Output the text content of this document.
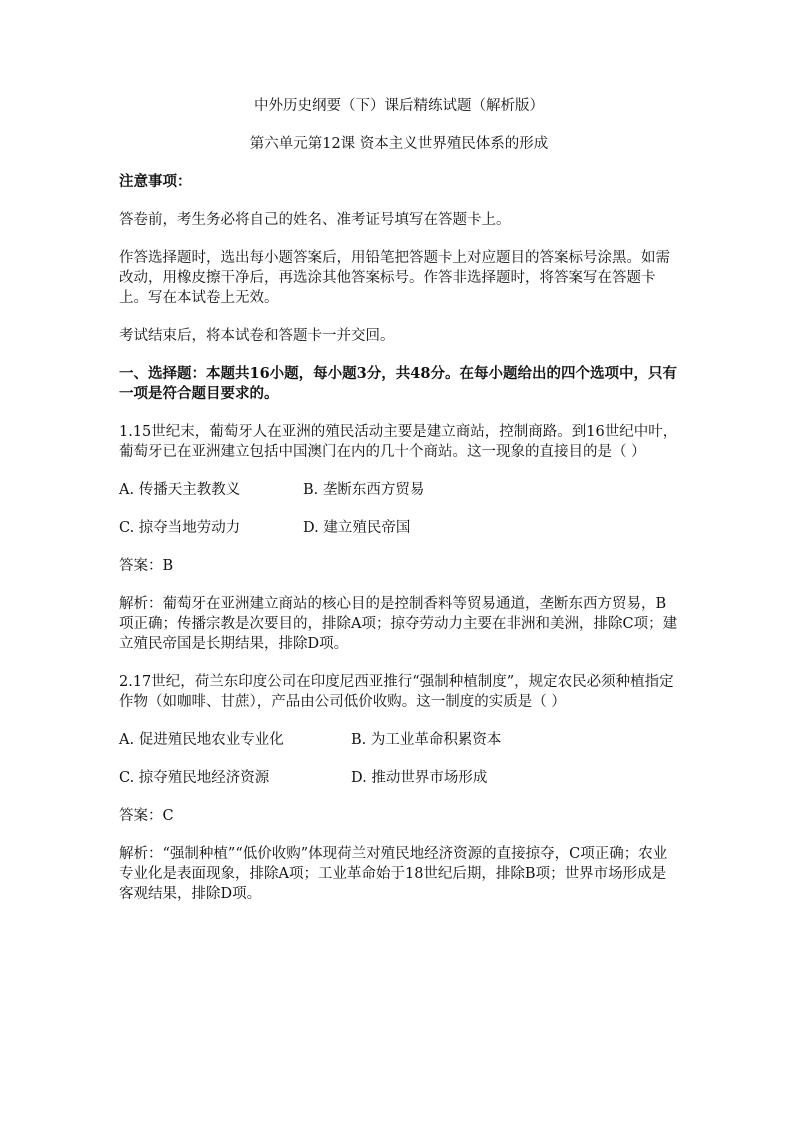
中外历史纲要（下）课后精练试题（解析版）
第六单元第12课 资本主义世界殖民体系的形成

注意事项：

答卷前，考生务必将自己的姓名、准考证号填写在答题卡上。

作答选择题时，选出每小题答案后，用铅笔把答题卡上对应题目的答案标号涂黑。如需改动，用橡皮擦干净后，再选涂其他答案标号。作答非选择题时，将答案写在答题卡上。写在本试卷上无效。

考试结束后，将本试卷和答题卡一并交回。

一、选择题：本题共16小题，每小题3分，共48分。在每小题给出的四个选项中，只有一项是符合题目要求的。

1.15世纪末，葡萄牙人在亚洲的殖民活动主要是建立商站，控制商路。到16世纪中叶，葡萄牙已在亚洲建立包括中国澳门在内的几十个商站。这一现象的直接目的是（ ）

A. 传播天主教教义	B. 垄断东西方贸易
C. 掠夺当地劳动力	D. 建立殖民帝国

答案：B

解析：葡萄牙在亚洲建立商站的核心目的是控制香料等贸易通道，垄断东西方贸易，B项正确；传播宗教是次要目的，排除A项；掠夺劳动力主要在非洲和美洲，排除C项；建立殖民帝国是长期结果，排除D项。

2.17世纪，荷兰东印度公司在印度尼西亚推行“强制种植制度”，规定农民必须种植指定作物（如咖啡、甘蔗），产品由公司低价收购。这一制度的实质是（ ）

A. 促进殖民地农业专业化	B. 为工业革命积累资本
C. 掠夺殖民地经济资源	D. 推动世界市场形成

答案：C

解析：“强制种植”“低价收购”体现荷兰对殖民地经济资源的直接掠夺，C项正确；农业专业化是表面现象，排除A项；工业革命始于18世纪后期，排除B项；世界市场形成是客观结果，排除D项。
